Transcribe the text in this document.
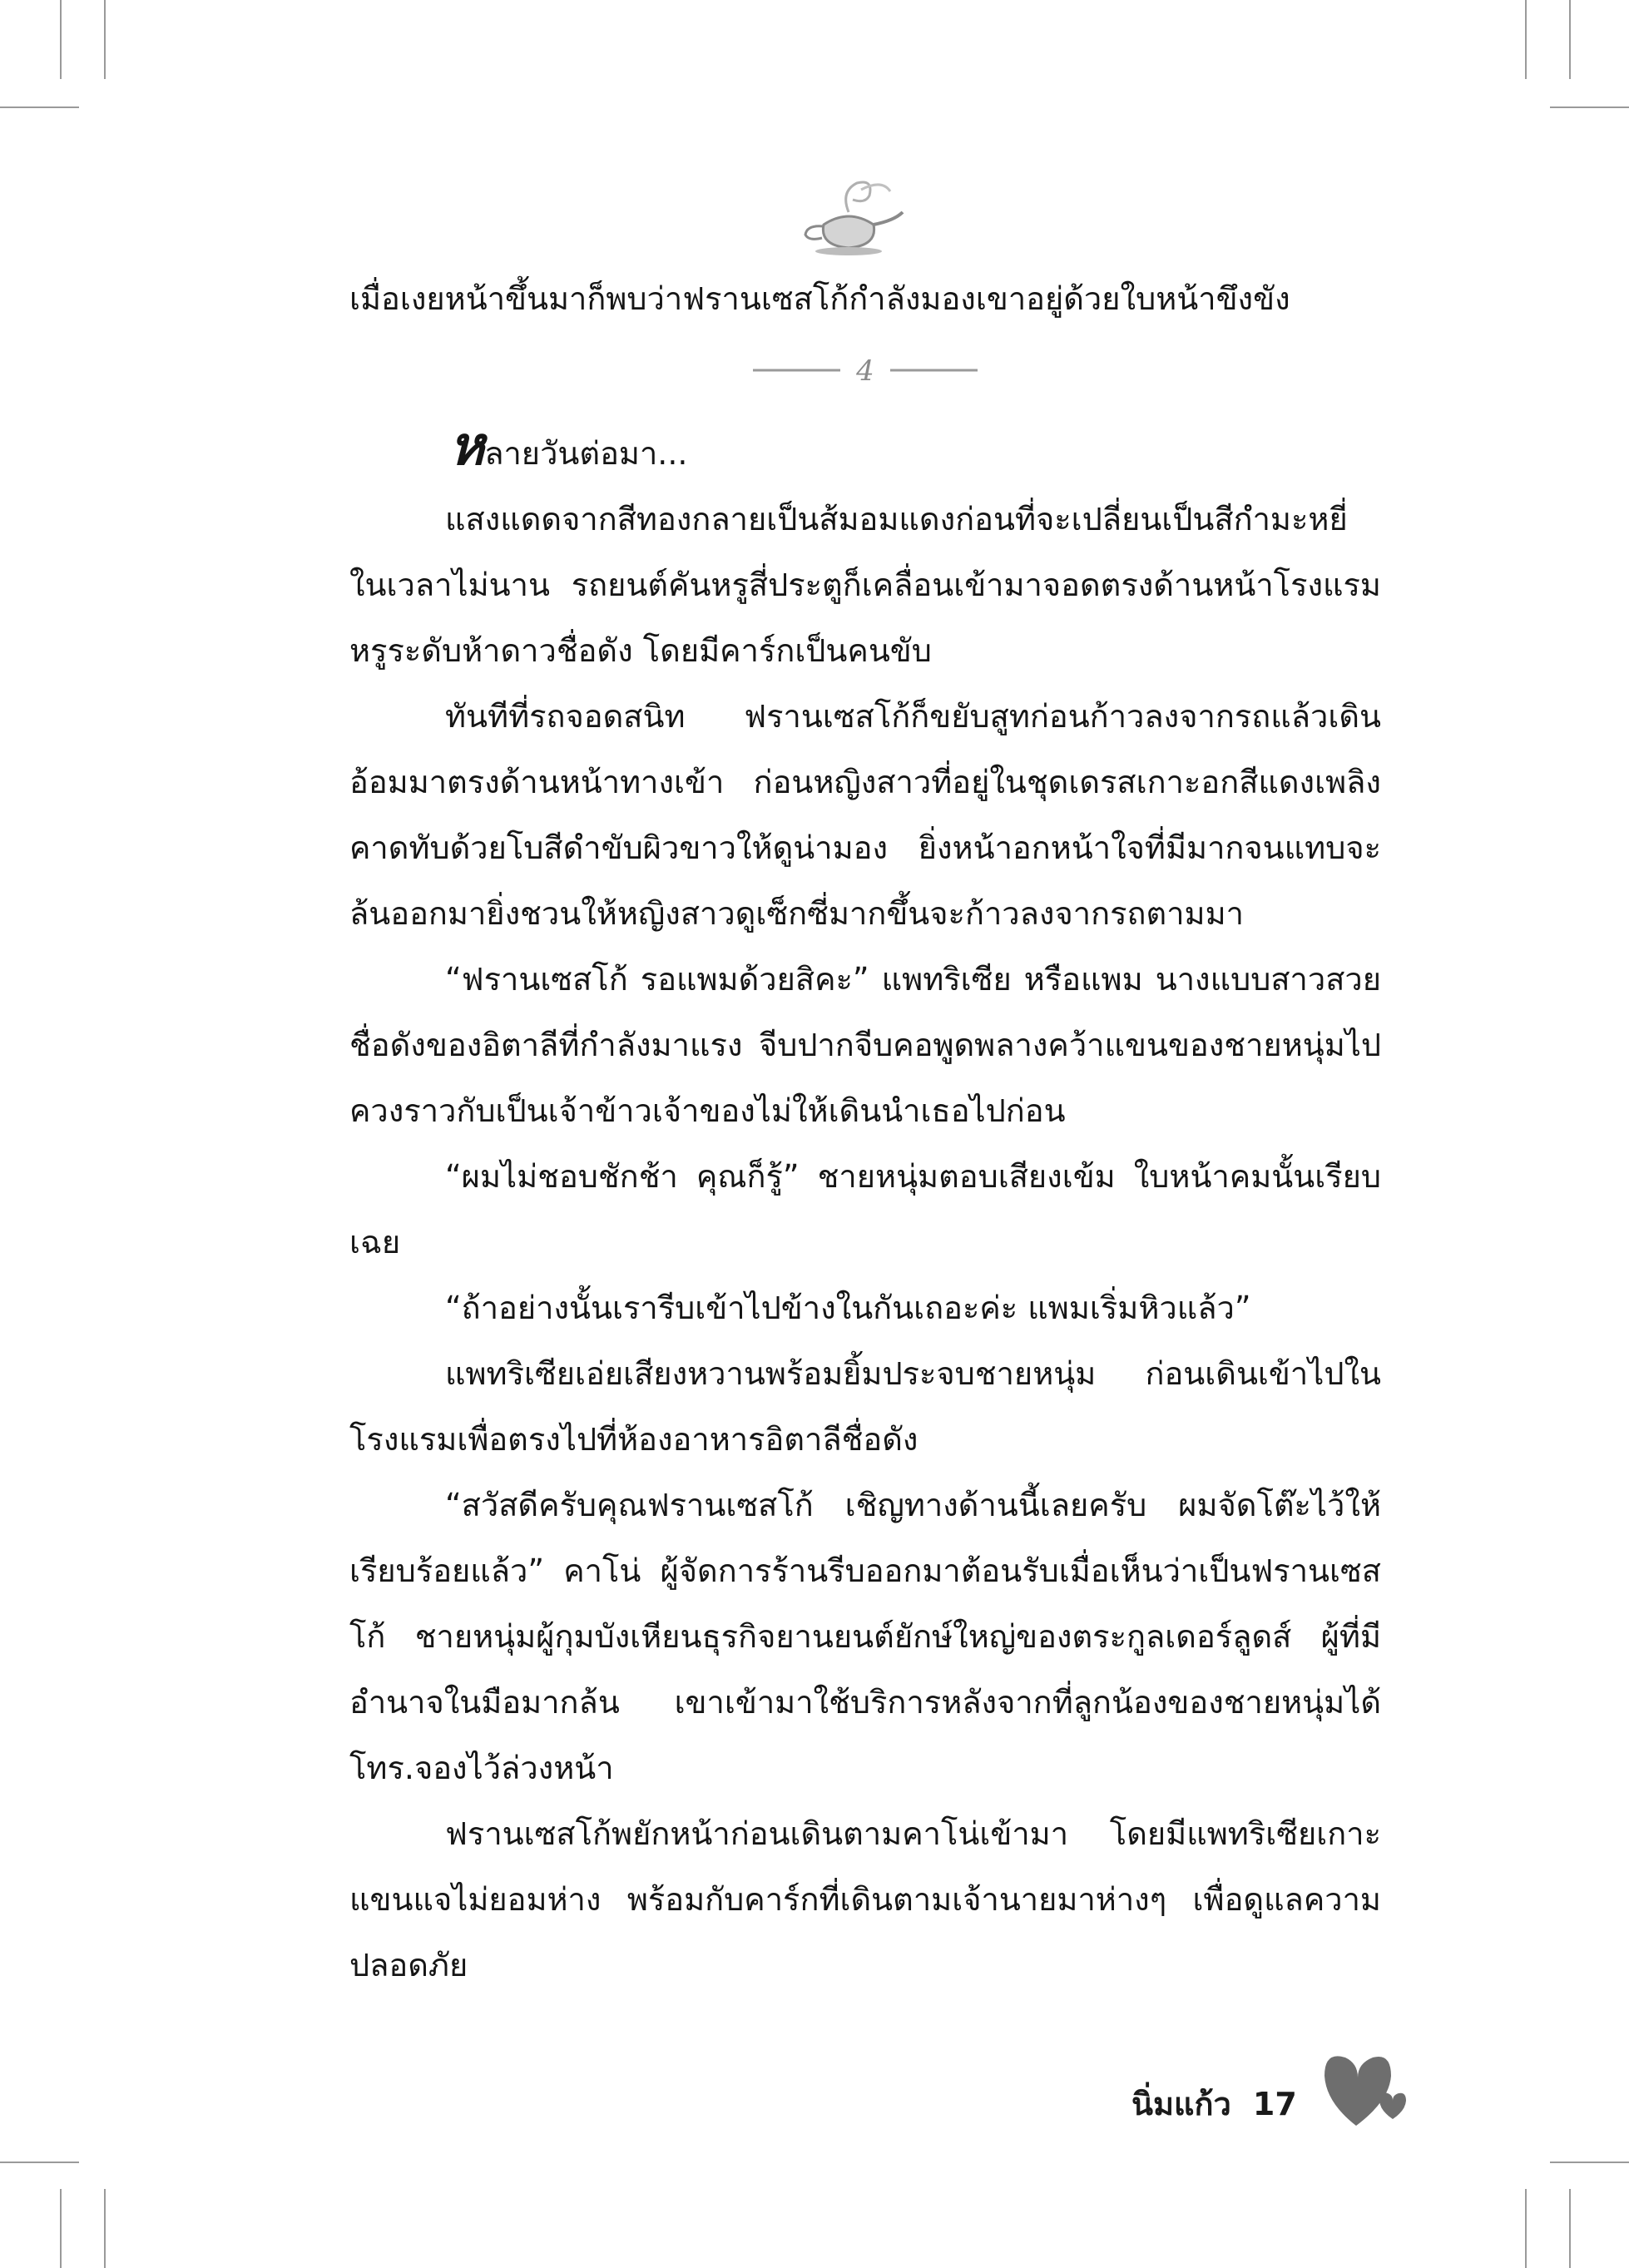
4
เมื่อเงยหน้าขึ้นมาก็พบว่าฟรานเซสโก้กำลังมองเขาอยู่ด้วยใบหน้าขึงขัง
หลายวันต่อมา...
แสงแดดจากสีทองกลายเป็นส้มอมแดงก่อนที่จะเปลี่ยนเป็นสีกำมะหยี่ในเวลาไม่นาน รถยนต์คันหรูสี่ประตูก็เคลื่อนเข้ามาจอดตรงด้านหน้าโรงแรมหรูระดับห้าดาวชื่อดัง โดยมีคาร์กเป็นคนขับ
ทันทีที่รถจอดสนิท ฟรานเซสโก้ก็ขยับสูทก่อนก้าวลงจากรถแล้วเดินอ้อมมาตรงด้านหน้าทางเข้า ก่อนหญิงสาวที่อยู่ในชุดเดรสเกาะอกสีแดงเพลิงคาดทับด้วยโบสีดำขับผิวขาวให้ดูน่ามอง ยิ่งหน้าอกหน้าใจที่มีมากจนแทบจะล้นออกมายิ่งชวนให้หญิงสาวดูเซ็กซี่มากขึ้นจะก้าวลงจากรถตามมา
“ฟรานเซสโก้ รอแพมด้วยสิคะ” แพทริเซีย หรือแพม นางแบบสาวสวยชื่อดังของอิตาลีที่กำลังมาแรง จีบปากจีบคอพูดพลางคว้าแขนของชายหนุ่มไปควงราวกับเป็นเจ้าข้าวเจ้าของไม่ให้เดินนำเธอไปก่อน
“ผมไม่ชอบชักช้า คุณก็รู้” ชายหนุ่มตอบเสียงเข้ม ใบหน้าคมนั้นเรียบเฉย
“ถ้าอย่างนั้นเรารีบเข้าไปข้างในกันเถอะค่ะ แพมเริ่มหิวแล้ว”
แพทริเซียเอ่ยเสียงหวานพร้อมยิ้มประจบชายหนุ่ม ก่อนเดินเข้าไปในโรงแรมเพื่อตรงไปที่ห้องอาหารอิตาลีชื่อดัง
“สวัสดีครับคุณฟรานเซสโก้ เชิญทางด้านนี้เลยครับ ผมจัดโต๊ะไว้ให้เรียบร้อยแล้ว” คาโน่ ผู้จัดการร้านรีบออกมาต้อนรับเมื่อเห็นว่าเป็นฟรานเซสโก้ ชายหนุ่มผู้กุมบังเหียนธุรกิจยานยนต์ยักษ์ใหญ่ของตระกูลเดอร์ลูดส์ ผู้ที่มีอำนาจในมือมากล้น เขาเข้ามาใช้บริการหลังจากที่ลูกน้องของชายหนุ่มได้โทร.จองไว้ล่วงหน้า
ฟรานเซสโก้พยักหน้าก่อนเดินตามคาโน่เข้ามา โดยมีแพทริเซียเกาะแขนแจไม่ยอมห่าง พร้อมกับคาร์กที่เดินตามเจ้านายมาห่างๆ เพื่อดูแลความปลอดภัย
นิ่มแก้ว 17
